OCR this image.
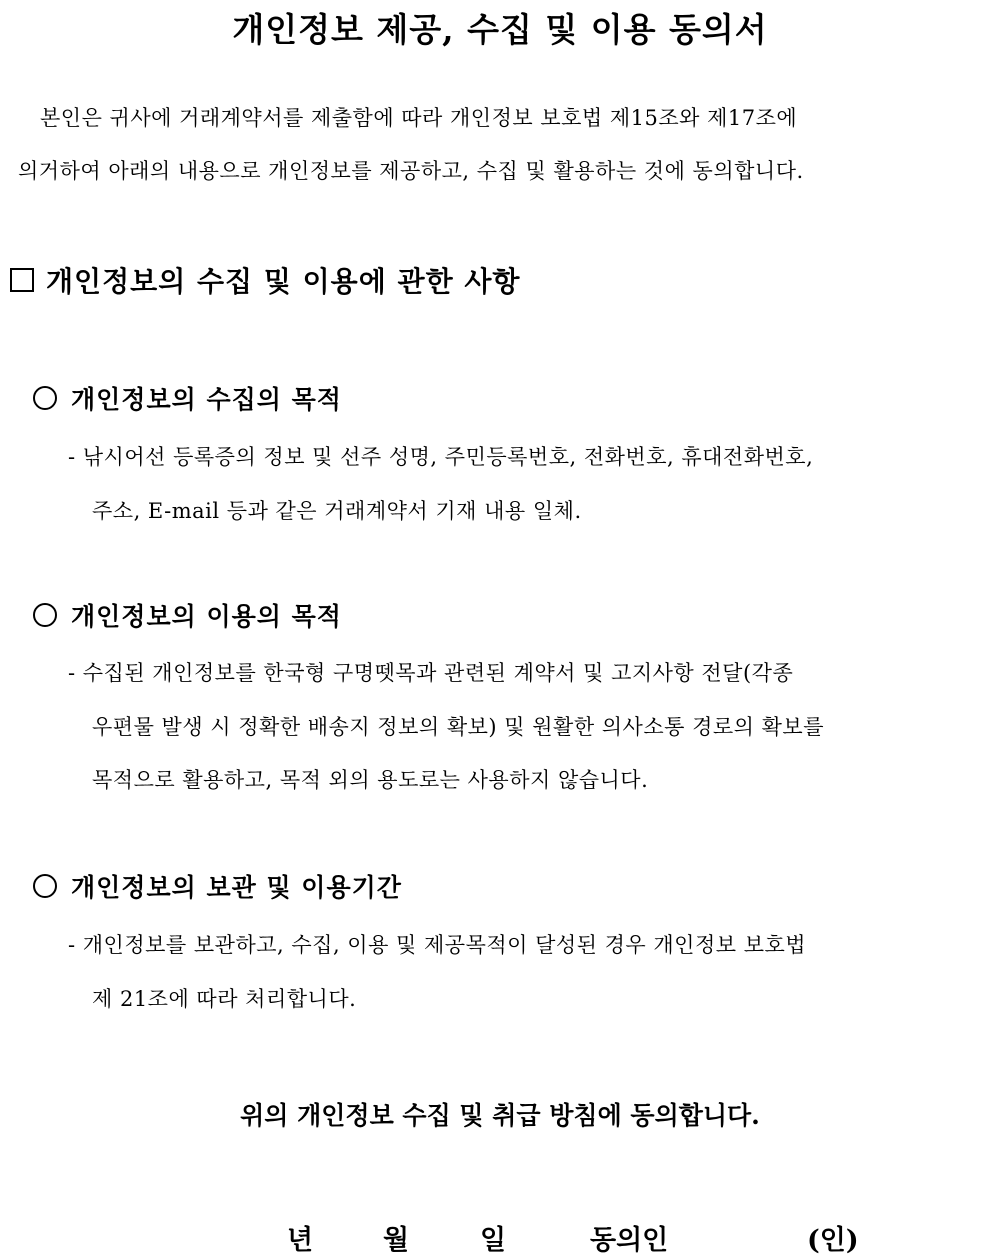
개인정보 제공, 수집 및 이용 동의서
본인은 귀사에 거래계약서를 제출함에 따라 개인정보 보호법 제15조와 제17조에
의거하여 아래의 내용으로 개인정보를 제공하고, 수집 및 활용하는 것에 동의합니다.
개인정보의 수집 및 이용에 관한 사항
개인정보의 수집의 목적
- 낚시어선 등록증의 정보 및 선주 성명, 주민등록번호, 전화번호, 휴대전화번호,
주소, E-mail 등과 같은 거래계약서 기재 내용 일체.
개인정보의 이용의 목적
- 수집된 개인정보를 한국형 구명뗏목과 관련된 계약서 및 고지사항 전달(각종
우편물 발생 시 정확한 배송지 정보의 확보) 및 원활한 의사소통 경로의 확보를
목적으로 활용하고, 목적 외의 용도로는 사용하지 않습니다.
개인정보의 보관 및 이용기간
- 개인정보를 보관하고, 수집, 이용 및 제공목적이 달성된 경우 개인정보 보호법
제 21조에 따라 처리합니다.
위의 개인정보 수집 및 취급 방침에 동의합니다.
년	월	일	동의인	(인)
